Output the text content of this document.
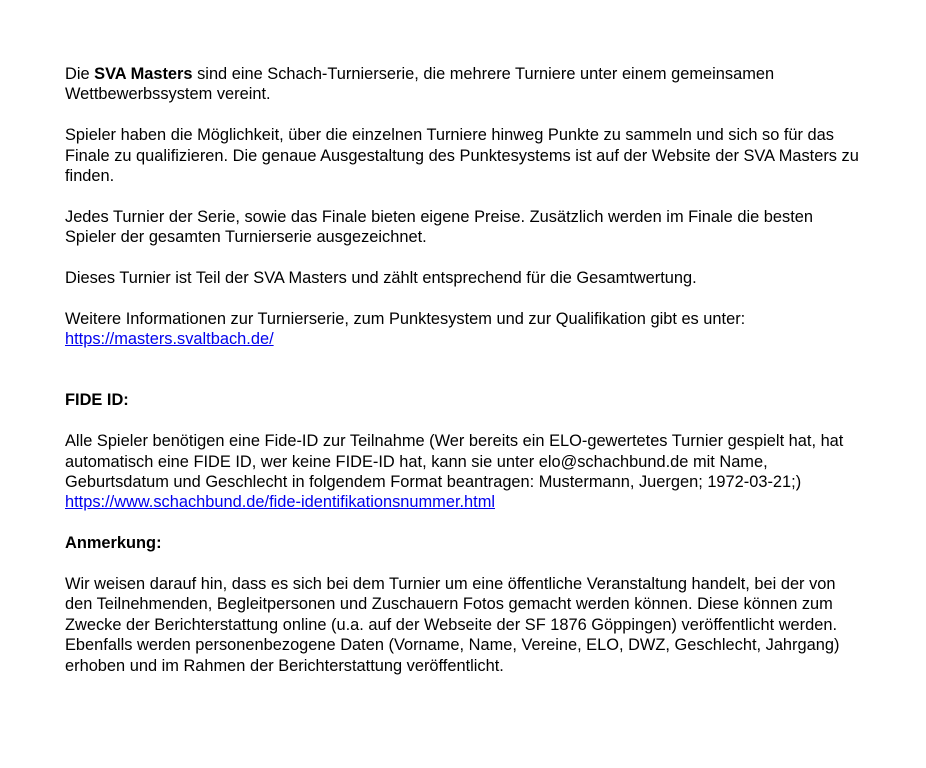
Die SVA Masters sind eine Schach-Turnierserie, die mehrere Turniere unter einem gemeinsamen Wettbewerbssystem vereint.

Spieler haben die Möglichkeit, über die einzelnen Turniere hinweg Punkte zu sammeln und sich so für das Finale zu qualifizieren. Die genaue Ausgestaltung des Punktesystems ist auf der Website der SVA Masters zu finden.

Jedes Turnier der Serie, sowie das Finale bieten eigene Preise. Zusätzlich werden im Finale die besten Spieler der gesamten Turnierserie ausgezeichnet.

Dieses Turnier ist Teil der SVA Masters und zählt entsprechend für die Gesamtwertung.

Weitere Informationen zur Turnierserie, zum Punktesystem und zur Qualifikation gibt es unter:
https://masters.svaltbach.de/

FIDE ID:

Alle Spieler benötigen eine Fide-ID zur Teilnahme (Wer bereits ein ELO-gewertetes Turnier gespielt hat, hat automatisch eine FIDE ID, wer keine FIDE-ID hat, kann sie unter elo@schachbund.de mit Name, Geburtsdatum und Geschlecht in folgendem Format beantragen: Mustermann, Juergen; 1972-03-21;)
https://www.schachbund.de/fide-identifikationsnummer.html

Anmerkung:

Wir weisen darauf hin, dass es sich bei dem Turnier um eine öffentliche Veranstaltung handelt, bei der von den Teilnehmenden, Begleitpersonen und Zuschauern Fotos gemacht werden können. Diese können zum Zwecke der Berichterstattung online (u.a. auf der Webseite der SF 1876 Göppingen) veröffentlicht werden. Ebenfalls werden personenbezogene Daten (Vorname, Name, Vereine, ELO, DWZ, Geschlecht, Jahrgang) erhoben und im Rahmen der Berichterstattung veröffentlicht.
